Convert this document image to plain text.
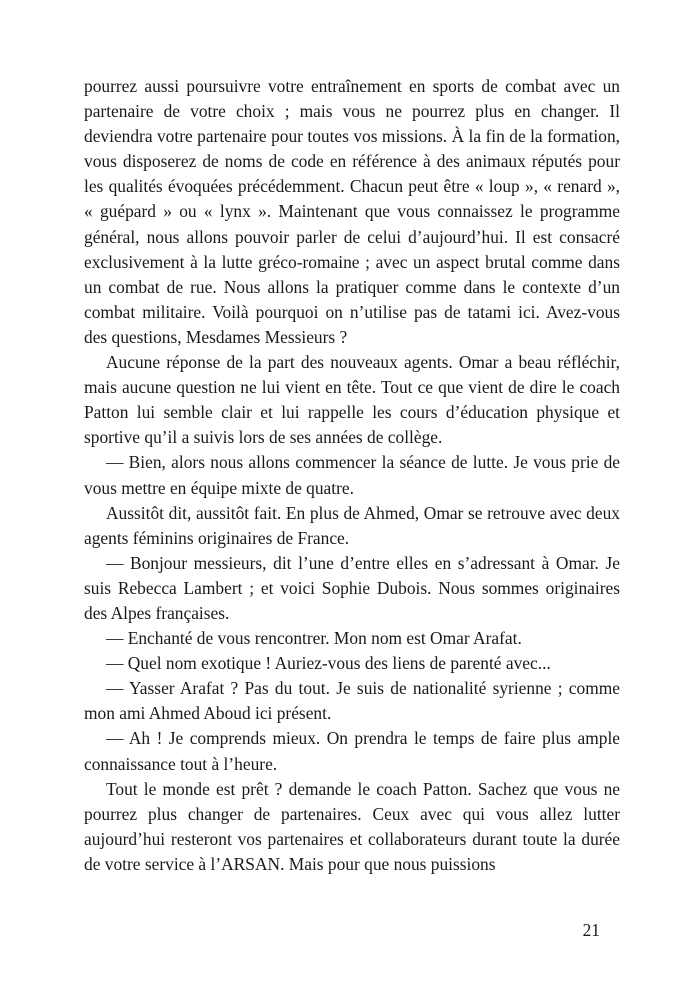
pourrez aussi poursuivre votre entraînement en sports de combat avec un partenaire de votre choix ; mais vous ne pourrez plus en changer. Il deviendra votre partenaire pour toutes vos missions. À la fin de la formation, vous disposerez de noms de code en référence à des animaux réputés pour les qualités évoquées précédemment. Chacun peut être « loup », « renard », « guépard » ou « lynx ». Maintenant que vous connaissez le programme général, nous allons pouvoir parler de celui d’aujourd’hui. Il est consacré exclusivement à la lutte gréco-romaine ; avec un aspect brutal comme dans un combat de rue. Nous allons la pratiquer comme dans le contexte d’un combat militaire. Voilà pourquoi on n’utilise pas de tatami ici. Avez-vous des questions, Mesdames Messieurs ?

Aucune réponse de la part des nouveaux agents. Omar a beau réfléchir, mais aucune question ne lui vient en tête. Tout ce que vient de dire le coach Patton lui semble clair et lui rappelle les cours d’éducation physique et sportive qu’il a suivis lors de ses années de collège.

— Bien, alors nous allons commencer la séance de lutte. Je vous prie de vous mettre en équipe mixte de quatre.

Aussitôt dit, aussitôt fait. En plus de Ahmed, Omar se retrouve avec deux agents féminins originaires de France.

— Bonjour messieurs, dit l’une d’entre elles en s’adressant à Omar. Je suis Rebecca Lambert ; et voici Sophie Dubois. Nous sommes originaires des Alpes françaises.

— Enchanté de vous rencontrer. Mon nom est Omar Arafat.

— Quel nom exotique ! Auriez-vous des liens de parenté avec...

— Yasser Arafat ? Pas du tout. Je suis de nationalité syrienne ; comme mon ami Ahmed Aboud ici présent.

— Ah ! Je comprends mieux. On prendra le temps de faire plus ample connaissance tout à l’heure.

Tout le monde est prêt ? demande le coach Patton. Sachez que vous ne pourrez plus changer de partenaires. Ceux avec qui vous allez lutter aujourd’hui resteront vos partenaires et collaborateurs durant toute la durée de votre service à l’ARSAN. Mais pour que nous puissions

21
